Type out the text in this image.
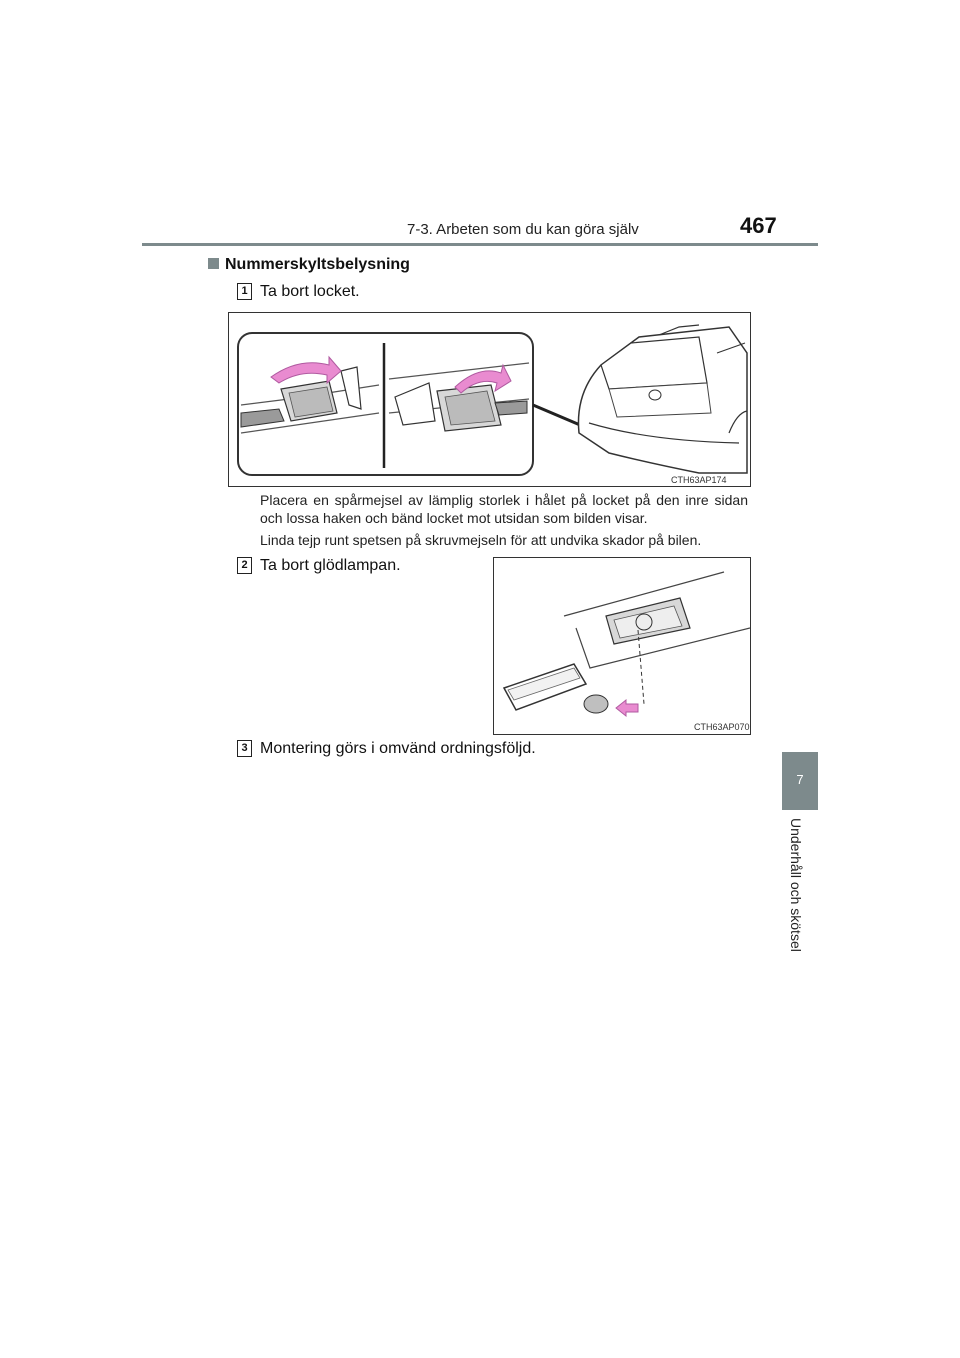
7-3. Arbeten som du kan göra själv	467
7
Underhåll och skötsel
Nummerskyltsbelysning
1 Ta bort locket.
CTH63AP174
Placera en spårmejsel av lämplig storlek i hålet på locket på den inre sidan och lossa haken och bänd locket mot utsidan som bilden visar.
Linda tejp runt spetsen på skruvmejseln för att undvika skador på bilen.
2 Ta bort glödlampan.
CTH63AP070
3 Montering görs i omvänd ordningsföljd.
